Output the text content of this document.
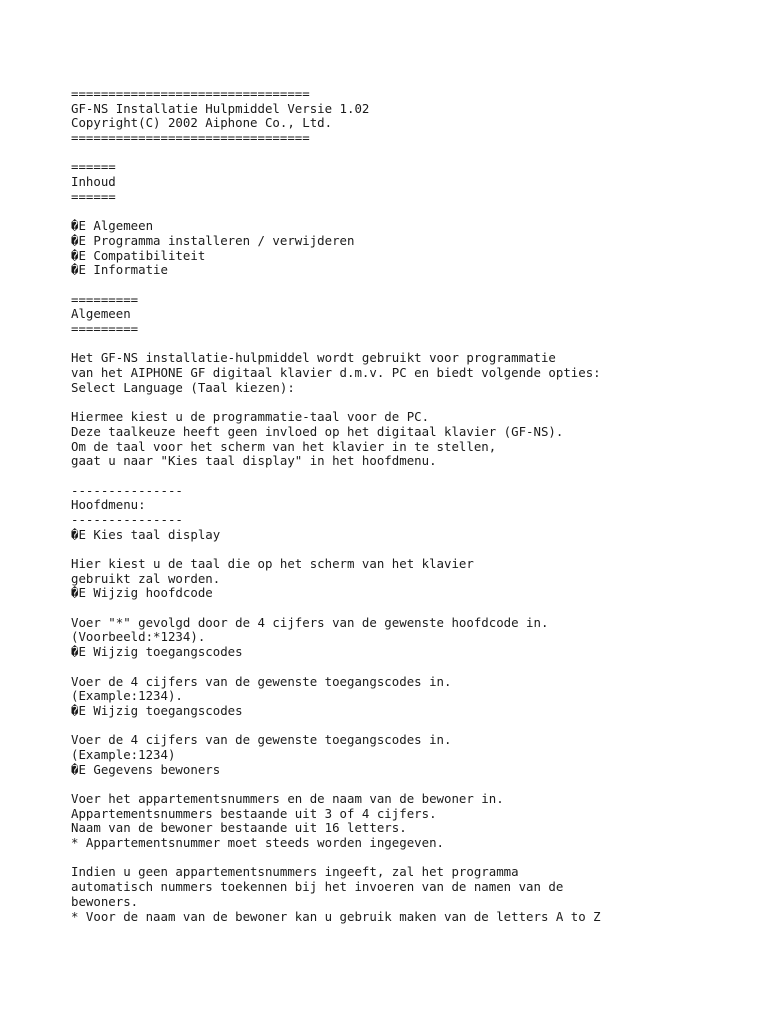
================================
GF-NS Installatie Hulpmiddel Versie 1.02
Copyright(C) 2002 Aiphone Co., Ltd.
================================
======
Inhoud
======
�E Algemeen
�E Programma installeren / verwijderen
�E Compatibiliteit
�E Informatie
=========
Algemeen
=========
Het GF-NS installatie-hulpmiddel wordt gebruikt voor programmatie
van het AIPHONE GF digitaal klavier d.m.v. PC en biedt volgende opties:
Select Language (Taal kiezen):
Hiermee kiest u de programmatie-taal voor de PC.
Deze taalkeuze heeft geen invloed op het digitaal klavier (GF-NS).
Om de taal voor het scherm van het klavier in te stellen,
gaat u naar "Kies taal display" in het hoofdmenu.
---------------
Hoofdmenu:
---------------
�E Kies taal display
Hier kiest u de taal die op het scherm van het klavier
gebruikt zal worden.
�E Wijzig hoofdcode
Voer "*" gevolgd door de 4 cijfers van de gewenste hoofdcode in.
(Voorbeeld:*1234).
�E Wijzig toegangscodes
Voer de 4 cijfers van de gewenste toegangscodes in.
(Example:1234).
�E Wijzig toegangscodes
Voer de 4 cijfers van de gewenste toegangscodes in.
(Example:1234)
�E Gegevens bewoners
Voer het appartementsnummers en de naam van de bewoner in.
Appartementsnummers bestaande uit 3 of 4 cijfers.
Naam van de bewoner bestaande uit 16 letters.
* Appartementsnummer moet steeds worden ingegeven.
Indien u geen appartementsnummers ingeeft, zal het programma
automatisch nummers toekennen bij het invoeren van de namen van de
bewoners.
* Voor de naam van de bewoner kan u gebruik maken van de letters A to Z
